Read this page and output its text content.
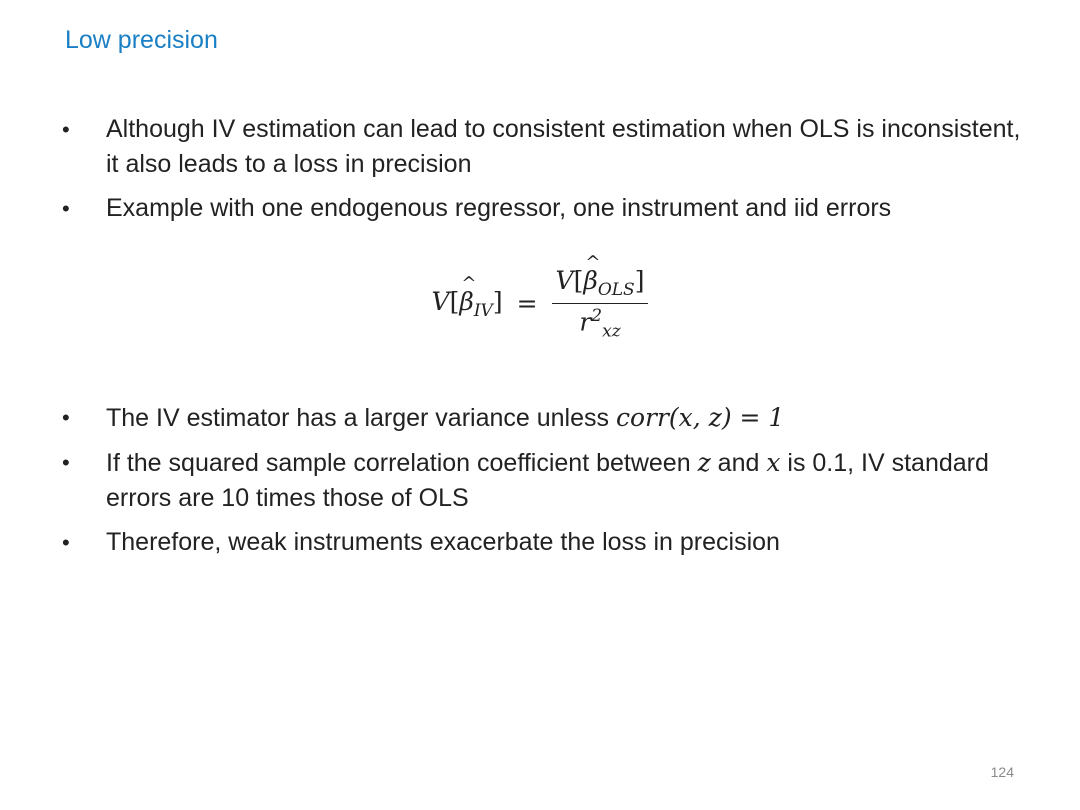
Low precision
• Although IV estimation can lead to consistent estimation when OLS is inconsistent, it also leads to a loss in precision
• Example with one endogenous regressor, one instrument and iid errors
V[^ $\beta_{IV}] = \frac{V[\^{} \beta_{OLS}]}{r^2_{xz}}$
• The IV estimator has a larger variance unless corr(x, z) = 1
• If the squared sample correlation coefficient between z and x is 0.1, IV standard errors are 10 times those of OLS
• Therefore, weak instruments exacerbate the loss in precision
124
